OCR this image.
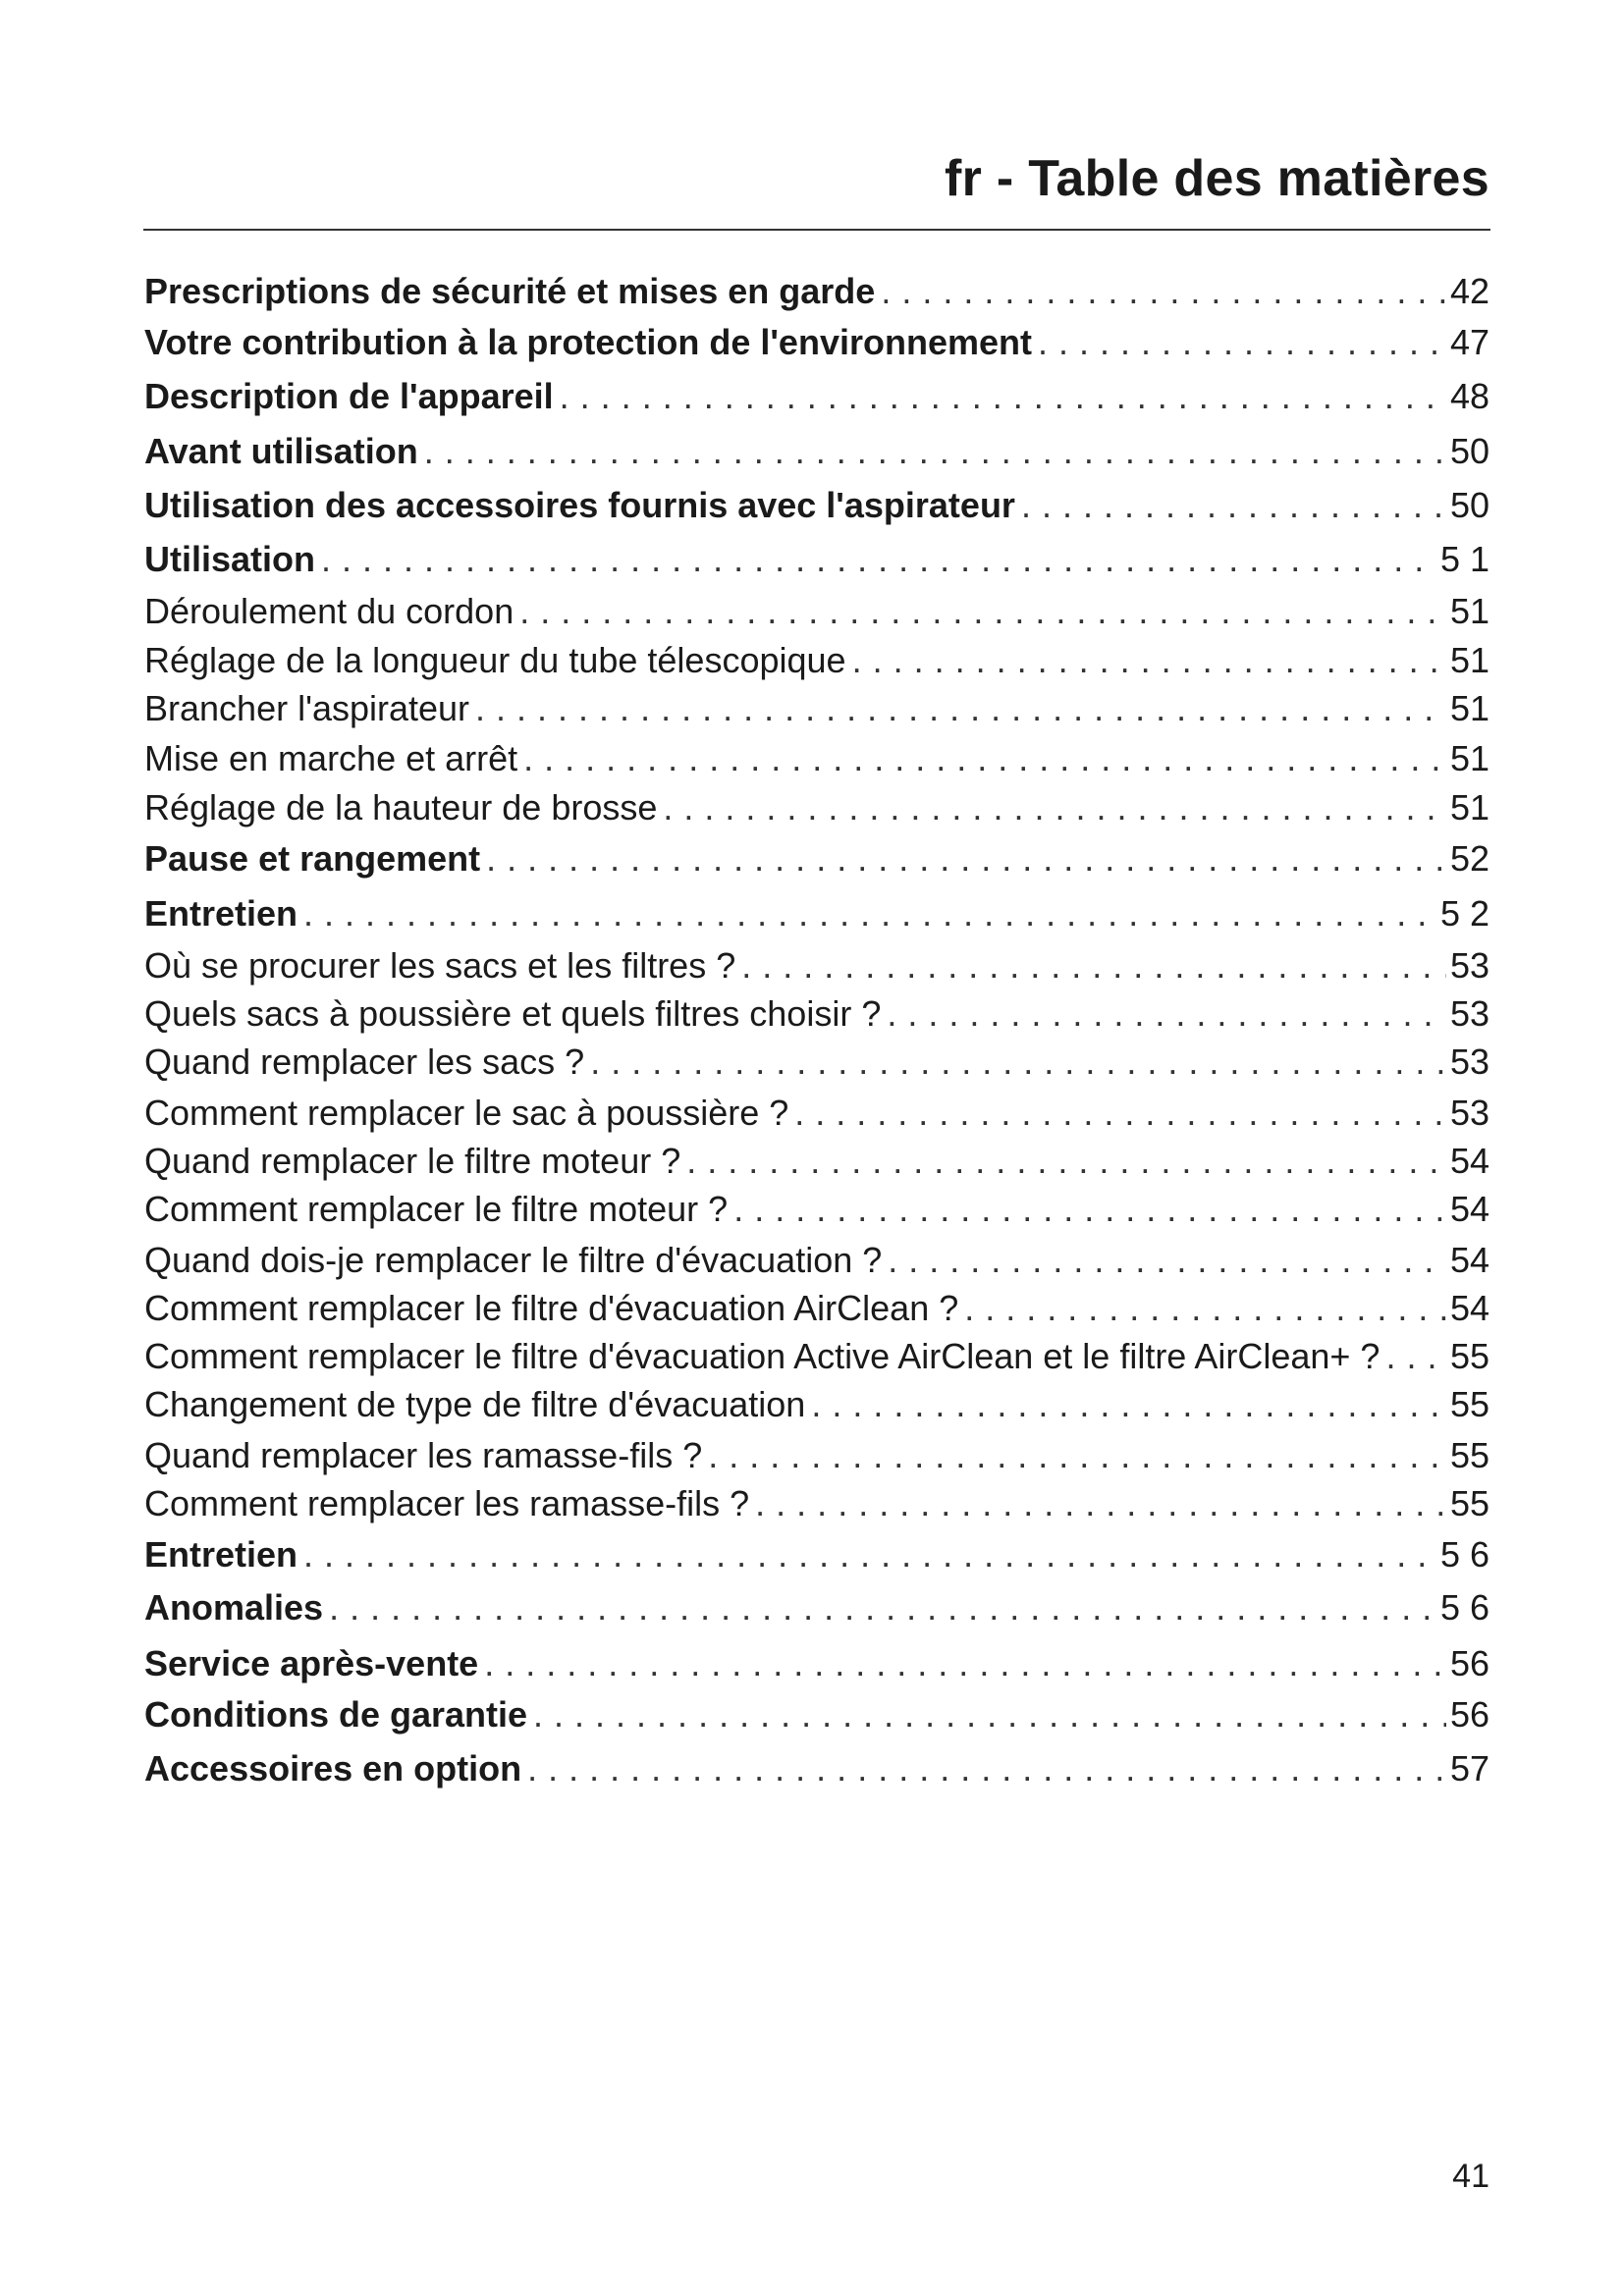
fr - Table des matières
Prescriptions de sécurité et mises en garde . . .	42
Votre contribution à la protection de l'environnement . . .	47
Description de l'appareil . . .	48
Avant utilisation . . .	50
Utilisation des accessoires fournis avec l'aspirateur . . .	50
Utilisation . . .	5 1
Déroulement du cordon . . .	51
Réglage de la longueur du tube télescopique . . .	51
Brancher l'aspirateur . . .	51
Mise en marche et arrêt . . .	51
Réglage de la hauteur de brosse . . .	51
Pause et rangement . . .	52
Entretien . . .	5 2
Où se procurer les sacs et les filtres ? . . .	53
Quels sacs à poussière et quels filtres choisir ? . . .	53
Quand remplacer les sacs ? . . .	53
Comment remplacer le sac à poussière ? . . .	53
Quand remplacer le filtre moteur ? . . .	54
Comment remplacer le filtre moteur ? . . .	54
Quand dois-je remplacer le filtre d'évacuation ? . . .	54
Comment remplacer le filtre d'évacuation AirClean ? . . .	54
Comment remplacer le filtre d'évacuation Active AirClean et le filtre AirClean+ ? . . . 55
Changement de type de filtre d'évacuation . . .	55
Quand remplacer les ramasse-fils ? . . .	55
Comment remplacer les ramasse-fils ? . . .	55
Entretien . . .	5 6
Anomalies . . .	5 6
Service après-vente . . .	56
Conditions de garantie . . .	56
Accessoires en option . . .	57
41
